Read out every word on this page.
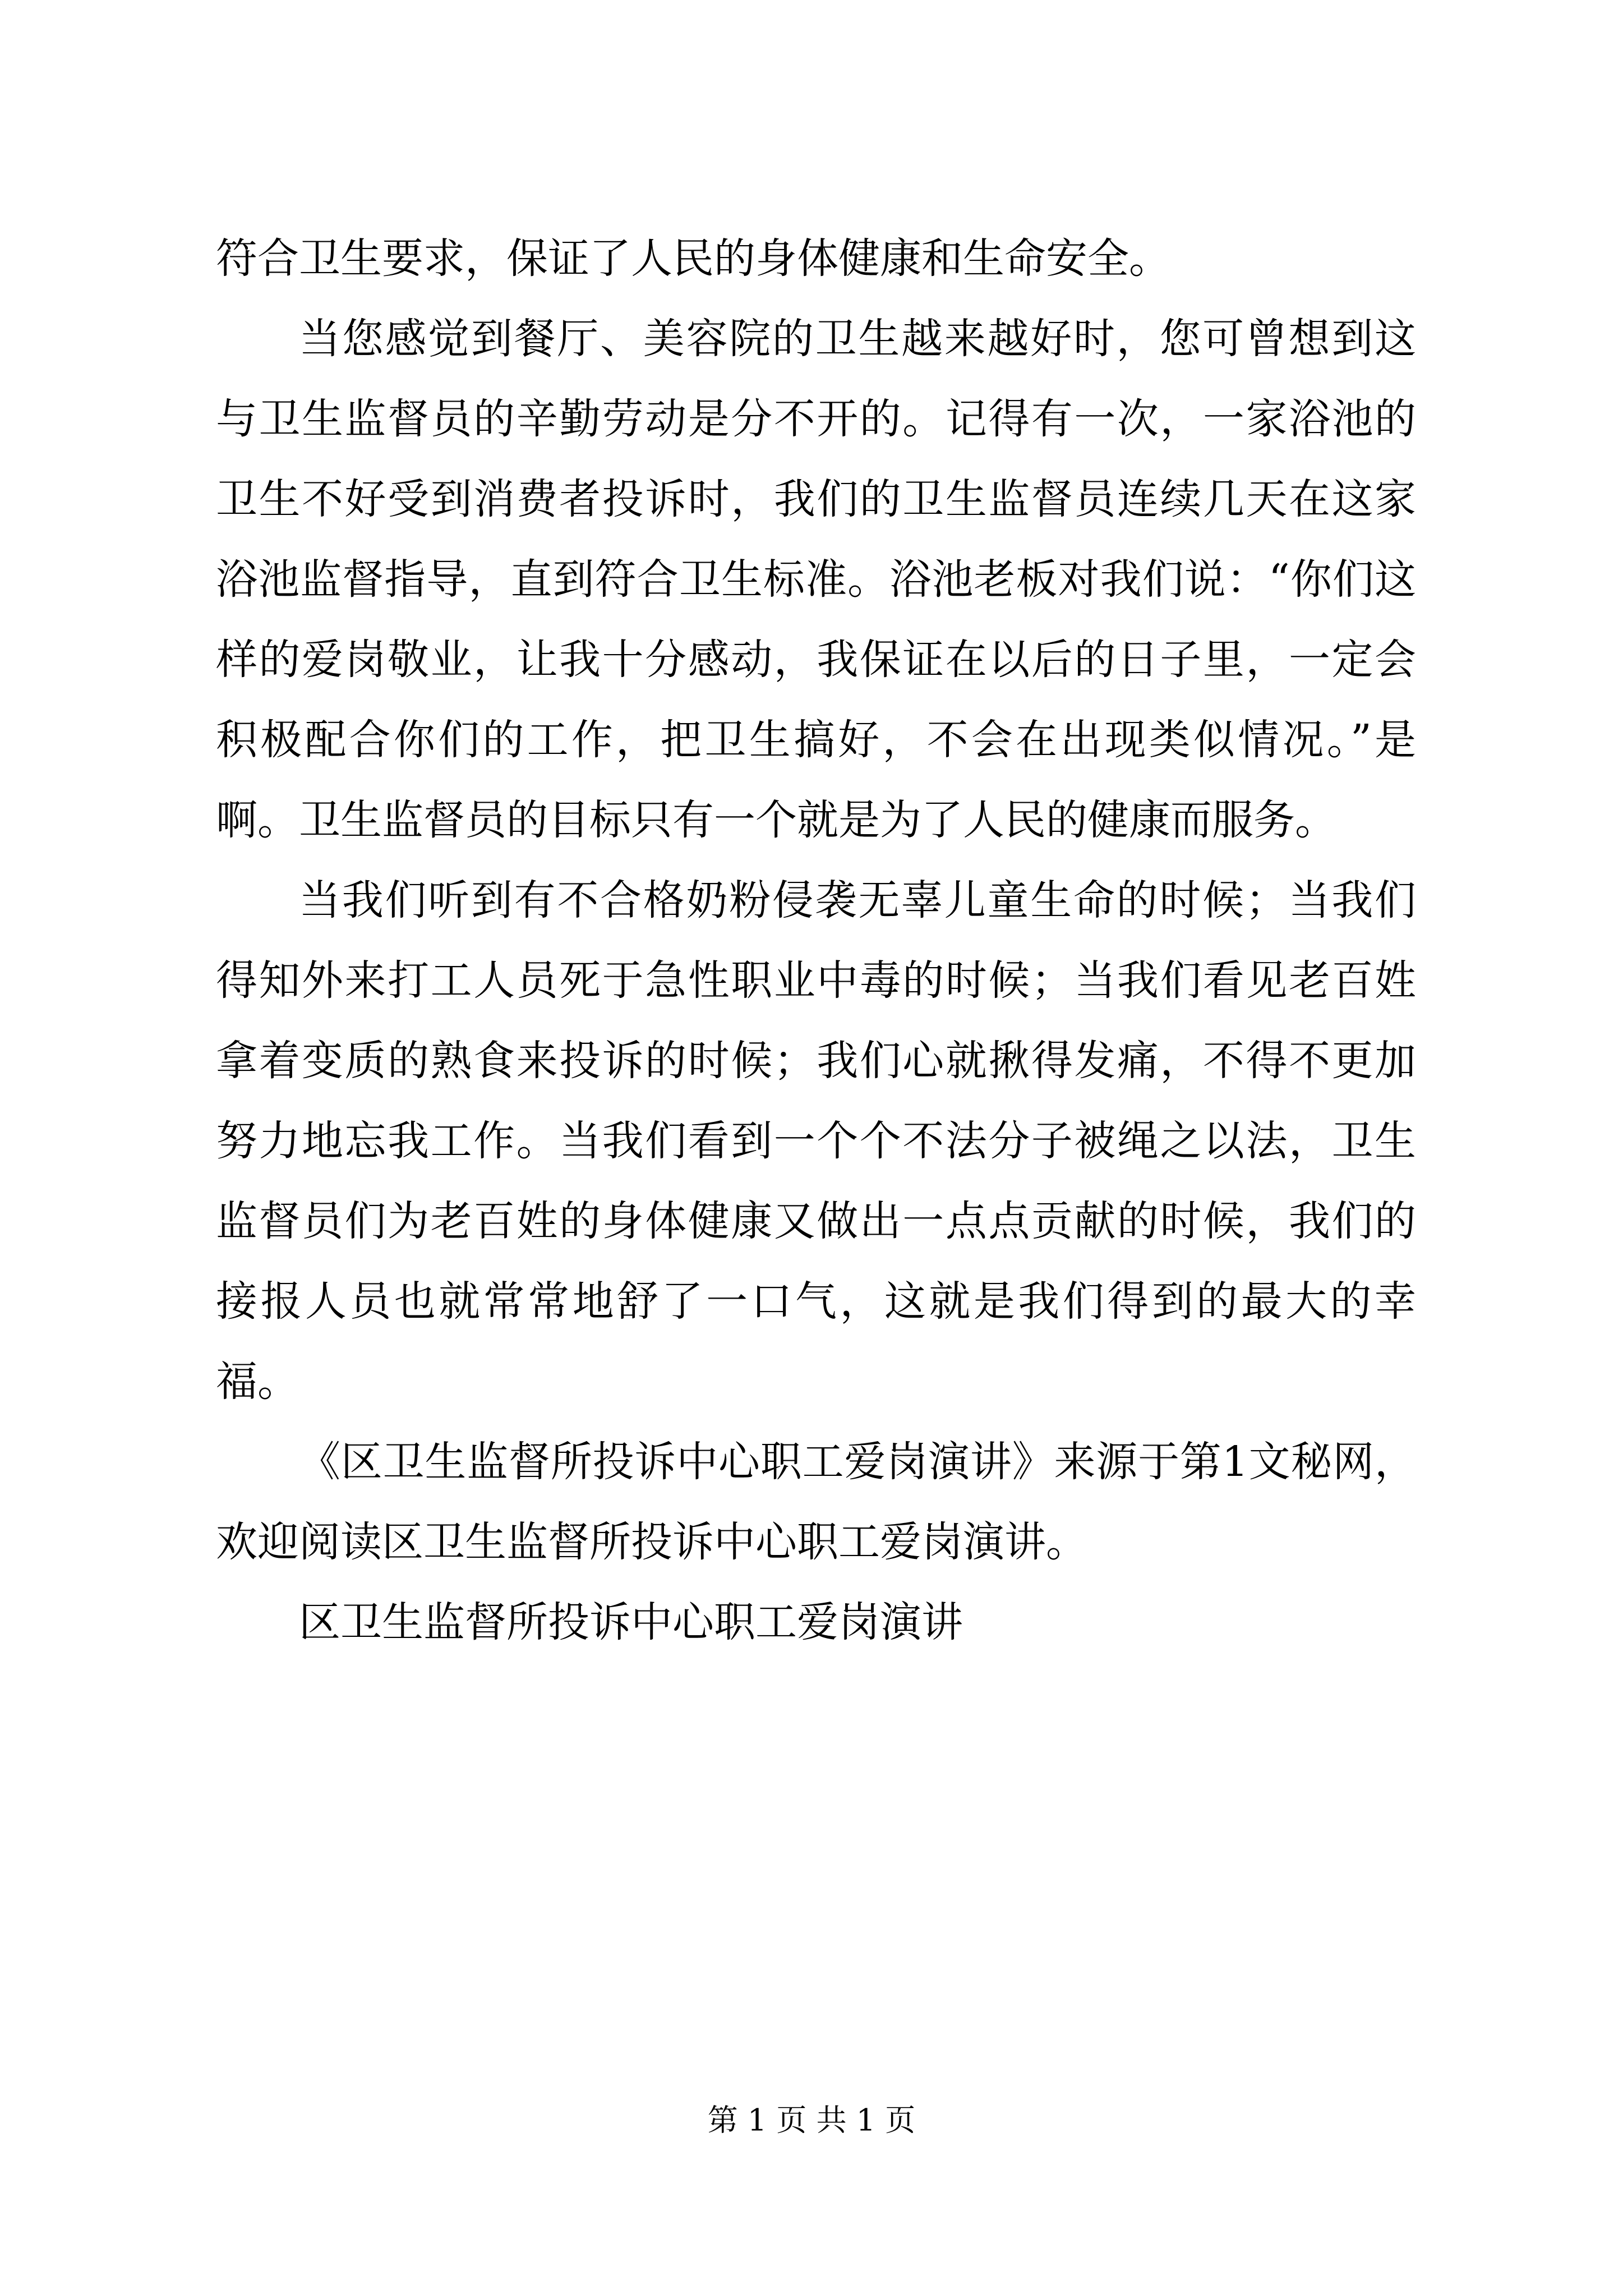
符合卫生要求，保证了人民的身体健康和生命安全。

当您感觉到餐厅、美容院的卫生越来越好时，您可曾想到这与卫生监督员的辛勤劳动是分不开的。记得有一次，一家浴池的卫生不好受到消费者投诉时，我们的卫生监督员连续几天在这家浴池监督指导，直到符合卫生标准。浴池老板对我们说：“你们这样的爱岗敬业，让我十分感动，我保证在以后的日子里，一定会积极配合你们的工作，把卫生搞好，不会在出现类似情况。”是啊。卫生监督员的目标只有一个就是为了人民的健康而服务。

当我们听到有不合格奶粉侵袭无辜儿童生命的时候；当我们得知外来打工人员死于急性职业中毒的时候；当我们看见老百姓拿着变质的熟食来投诉的时候；我们心就揪得发痛，不得不更加努力地忘我工作。当我们看到一个个不法分子被绳之以法，卫生监督员们为老百姓的身体健康又做出一点点贡献的时候，我们的接报人员也就常常地舒了一口气，这就是我们得到的最大的幸福。

《区卫生监督所投诉中心职工爱岗演讲》来源于第1文秘网，欢迎阅读区卫生监督所投诉中心职工爱岗演讲。

区卫生监督所投诉中心职工爱岗演讲

第 1 页 共 1 页
